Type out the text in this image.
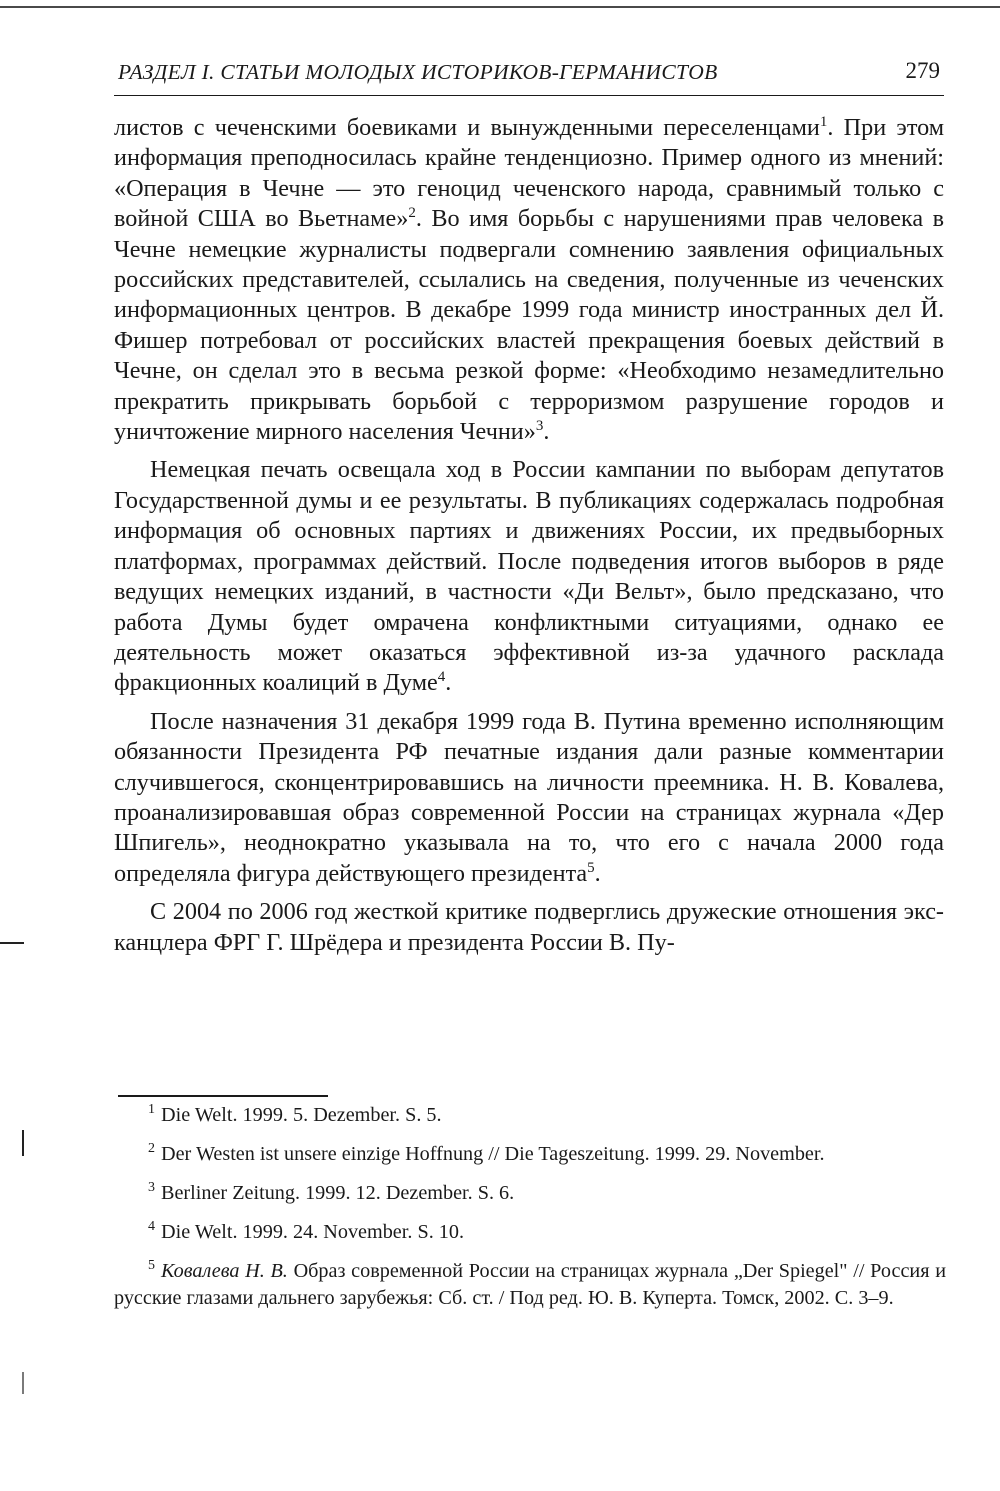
РАЗДЕЛ I. СТАТЬИ МОЛОДЫХ ИСТОРИКОВ-ГЕРМАНИСТОВ	279

листов с чеченскими боевиками и вынужденными переселенцами$^1$. При этом информация преподносилась крайне тенденциозно. Пример одного из мнений: «Операция в Чечне — это геноцид чеченского народа, сравнимый только с войной США во Вьетнаме»$^2$. Во имя борьбы с нарушениями прав человека в Чечне немецкие журналисты подвергали сомнению заявления официальных российских представителей, ссылались на сведения, полученные из чеченских информационных центров. В декабре 1999 года министр иностранных дел Й. Фишер потребовал от российских властей прекращения боевых действий в Чечне, он сделал это в весьма резкой форме: «Необходимо незамедлительно прекратить прикрывать борьбой с терроризмом разрушение городов и уничтожение мирного населения Чечни»$^3$.

Немецкая печать освещала ход в России кампании по выборам депутатов Государственной думы и ее результаты. В публикациях содержалась подробная информация об основных партиях и движениях России, их предвыборных платформах, программах действий. После подведения итогов выборов в ряде ведущих немецких изданий, в частности «Ди Вельт», было предсказано, что работа Думы будет омрачена конфликтными ситуациями, однако ее деятельность может оказаться эффективной из-за удачного расклада фракционных коалиций в Думе$^4$.

После назначения 31 декабря 1999 года В. Путина временно исполняющим обязанности Президента РФ печатные издания дали разные комментарии случившегося, сконцентрировавшись на личности преемника. Н. В. Ковалева, проанализировавшая образ современной России на страницах журнала «Дер Шпигель», неоднократно указывала на то, что его с начала 2000 года определяла фигура действующего президента$^5$.

С 2004 по 2006 год жесткой критике подверглись дружеские отношения экс-канцлера ФРГ Г. Шрёдера и президента России В. Пу-

$^1$ Die Welt. 1999. 5. Dezember. S. 5.

$^2$ Der Westen ist unsere einzige Hoffnung // Die Tageszeitung. 1999. 29. November.

$^3$ Berliner Zeitung. 1999. 12. Dezember. S. 6.

$^4$ Die Welt. 1999. 24. November. S. 10.

$^5$ Ковалева Н. В. Образ современной России на страницах журнала „Der Spiegel" // Россия и русские глазами дальнего зарубежья: Сб. ст. / Под ред. Ю. В. Куперта. Томск, 2002. С. 3–9.
